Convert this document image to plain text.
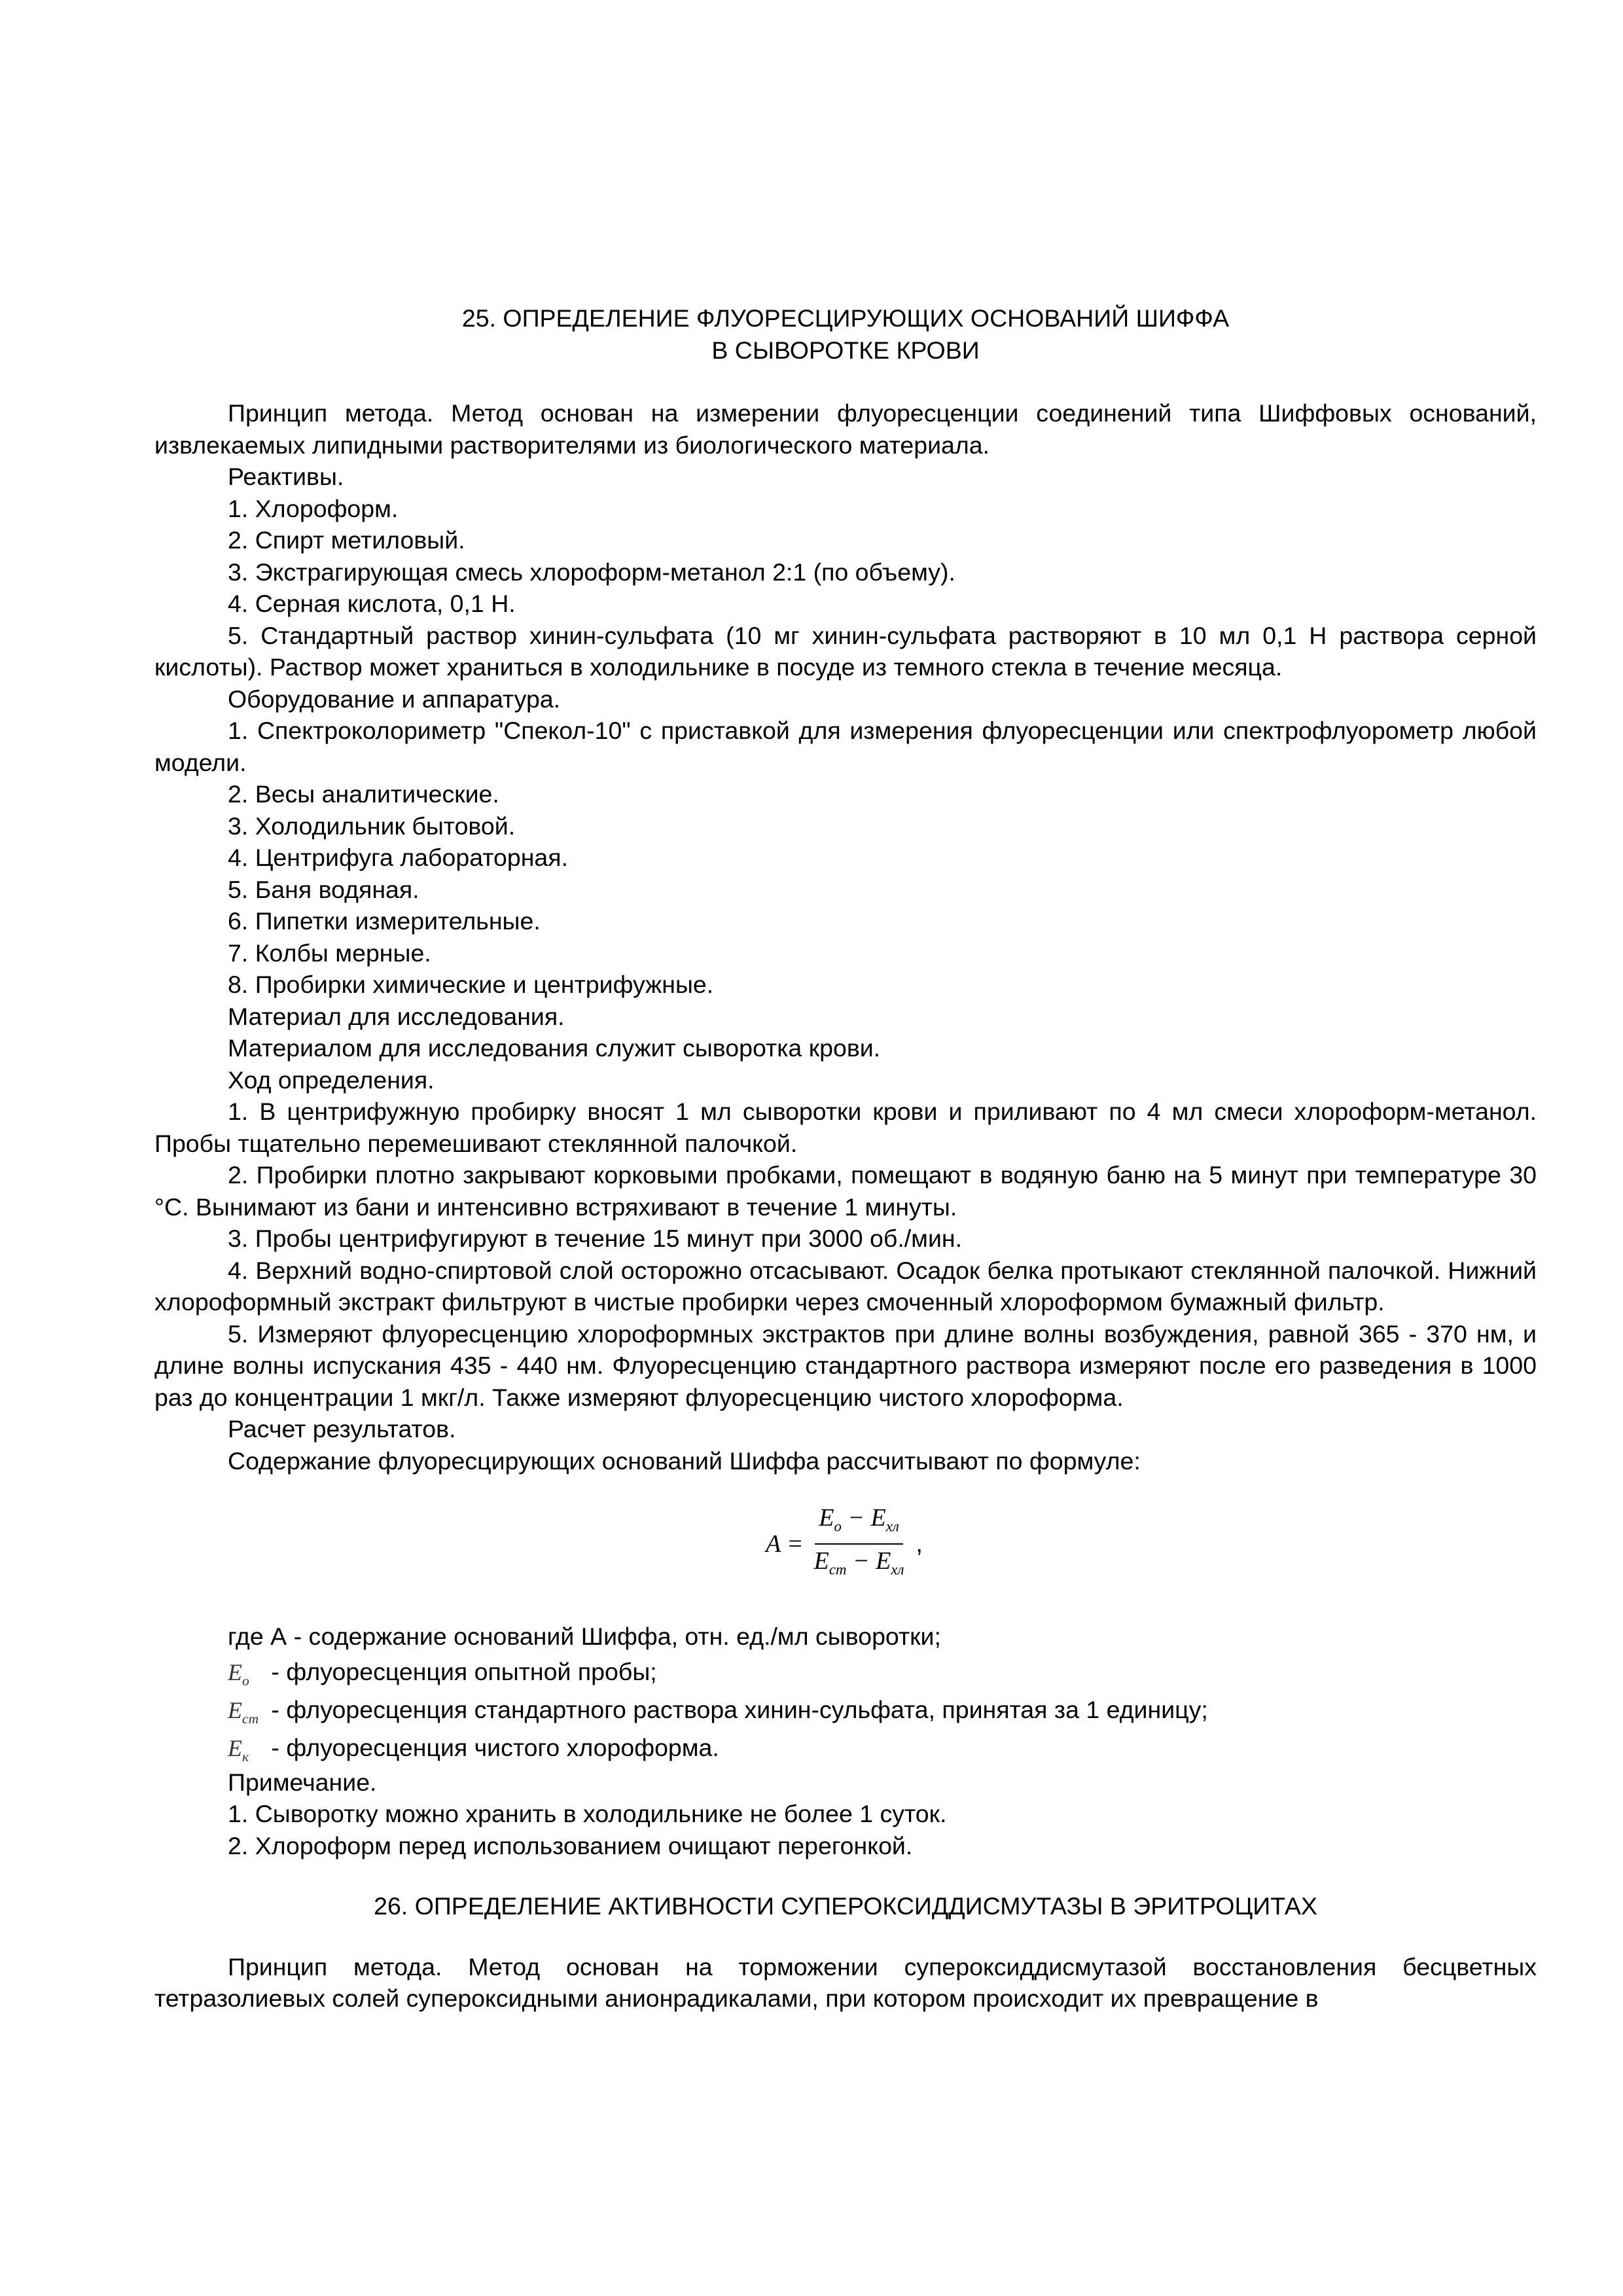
25. ОПРЕДЕЛЕНИЕ ФЛУОРЕСЦИРУЮЩИХ ОСНОВАНИЙ ШИФФА

В СЫВОРОТКЕ КРОВИ

Принцип метода. Метод основан на измерении флуоресценции соединений типа Шиффовых оснований, извлекаемых липидными растворителями из биологического материала.

Реактивы.

1. Хлороформ.

2. Спирт метиловый.

3. Экстрагирующая смесь хлороформ-метанол 2:1 (по объему).

4. Серная кислота, 0,1 Н.

5. Стандартный раствор хинин-сульфата (10 мг хинин-сульфата растворяют в 10 мл 0,1 Н раствора серной кислоты). Раствор может храниться в холодильнике в посуде из темного стекла в течение месяца.

Оборудование и аппаратура.

1. Спектроколориметр "Спекол-10" с приставкой для измерения флуоресценции или спектрофлуорометр любой модели.

2. Весы аналитические.

3. Холодильник бытовой.

4. Центрифуга лабораторная.

5. Баня водяная.

6. Пипетки измерительные.

7. Колбы мерные.

8. Пробирки химические и центрифужные.

Материал для исследования.

Материалом для исследования служит сыворотка крови.

Ход определения.

1. В центрифужную пробирку вносят 1 мл сыворотки крови и приливают по 4 мл смеси хлороформ-метанол. Пробы тщательно перемешивают стеклянной палочкой.

2. Пробирки плотно закрывают корковыми пробками, помещают в водяную баню на 5 минут при температуре 30 °С. Вынимают из бани и интенсивно встряхивают в течение 1 минуты.

3. Пробы центрифугируют в течение 15 минут при 3000 об./мин.

4. Верхний водно-спиртовой слой осторожно отсасывают. Осадок белка протыкают стеклянной палочкой. Нижний хлороформный экстракт фильтруют в чистые пробирки через смоченный хлороформом бумажный фильтр.

5. Измеряют флуоресценцию хлороформных экстрактов при длине волны возбуждения, равной 365 - 370 нм, и длине волны испускания 435 - 440 нм. Флуоресценцию стандартного раствора измеряют после его разведения в 1000 раз до концентрации 1 мкг/л. Также измеряют флуоресценцию чистого хлороформа.

Расчет результатов.

Содержание флуоресцирующих оснований Шиффа рассчитывают по формуле:

$A = \frac{E_o - E_{хл}}{E_{ст} - E_{хл}}$ ,

где А - содержание оснований Шиффа, отн. ед./мл сыворотки;

$E_o$ - флуоресценция опытной пробы;
$E_{ст}$ - флуоресценция стандартного раствора хинин-сульфата, принятая за 1 единицу;
$E_к$ - флуоресценция чистого хлороформа.

Примечание.

1. Сыворотку можно хранить в холодильнике не более 1 суток.

2. Хлороформ перед использованием очищают перегонкой.

26. ОПРЕДЕЛЕНИЕ АКТИВНОСТИ СУПЕРОКСИДДИСМУТАЗЫ В ЭРИТРОЦИТАХ

Принцип метода. Метод основан на торможении супероксиддисмутазой восстановления бесцветных тетразолиевых солей супероксидными анионрадикалами, при котором происходит их превращение в
